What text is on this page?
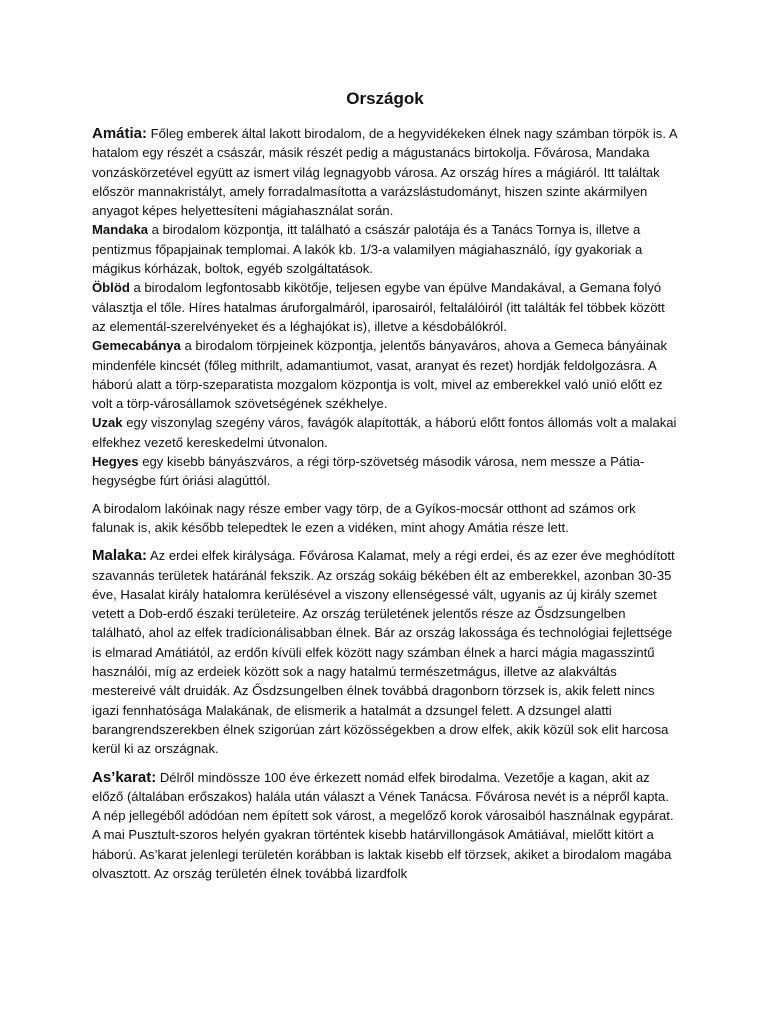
Országok

Amátia: Főleg emberek által lakott birodalom, de a hegyvidékeken élnek nagy számban törpök is. A hatalom egy részét a császár, másik részét pedig a mágustanács birtokolja. Fővárosa, Mandaka vonzáskörzetével együtt az ismert világ legnagyobb városa. Az ország híres a mágiáról. Itt találtak először mannakristályt, amely forradalmasította a varázslástudományt, hiszen szinte akármilyen anyagot képes helyettesíteni mágiahasználat során.

Mandaka a birodalom központja, itt található a császár palotája és a Tanács Tornya is, illetve a pentizmus főpapjainak templomai. A lakók kb. 1/3-a valamilyen mágiahasználó, így gyakoriak a mágikus kórházak, boltok, egyéb szolgáltatások.

Öblöd a birodalom legfontosabb kikötője, teljesen egybe van épülve Mandakával, a Gemana folyó választja el tőle. Híres hatalmas áruforgalmáról, iparosairól, feltalálóiról (itt találták fel többek között az elementál-szerelvényeket és a léghajókat is), illetve a késdobálókról.

Gemecabánya a birodalom törpjeinek központja, jelentős bányaváros, ahova a Gemeca bányáinak mindenféle kincsét (főleg mithrilt, adamantiumot, vasat, aranyat és rezet) hordják feldolgozásra. A háború alatt a törp-szeparatista mozgalom központja is volt, mivel az emberekkel való unió előtt ez volt a törp-városállamok szövetségének székhelye.

Uzak egy viszonylag szegény város, favágók alapították, a háború előtt fontos állomás volt a malakai elfekhez vezető kereskedelmi útvonalon.

Hegyes egy kisebb bányászváros, a régi törp-szövetség második városa, nem messze a Pátia-hegységbe fúrt óriási alagúttól.

A birodalom lakóinak nagy része ember vagy törp, de a Gyíkos-mocsár otthont ad számos ork falunak is, akik később telepedtek le ezen a vidéken, mint ahogy Amátia része lett.

Malaka: Az erdei elfek királysága. Fővárosa Kalamat, mely a régi erdei, és az ezer éve meghódított szavannás területek határánál fekszik. Az ország sokáig békében élt az emberekkel, azonban 30-35 éve, Hasalat király hatalomra kerülésével a viszony ellenségessé vált, ugyanis az új király szemet vetett a Dob-erdő északi területeire. Az ország területének jelentős része az Ősdzsungelben található, ahol az elfek tradícionálisabban élnek. Bár az ország lakossága és technológiai fejlettsége is elmarad Amátiától, az erdőn kívüli elfek között nagy számban élnek a harci mágia magasszintű használói, míg az erdeiek között sok a nagy hatalmú természetmágus, illetve az alakváltás mestereivé vált druidák. Az Ősdzsungelben élnek továbbá dragonborn törzsek is, akik felett nincs igazi fennhatósága Malakának, de elismerik a hatalmát a dzsungel felett. A dzsungel alatti barangrendszerekben élnek szigorúan zárt közösségekben a drow elfek, akik közül sok elit harcosa kerül ki az országnak.

As’karat: Délről mindössze 100 éve érkezett nomád elfek birodalma. Vezetője a kagan, akit az előző (általában erőszakos) halála után választ a Vének Tanácsa. Fővárosa nevét is a népről kapta. A nép jellegéből adódóan nem épített sok várost, a megelőző korok városaiból használnak egypárat. A mai Pusztult-szoros helyén gyakran történtek kisebb határvillongások Amátiával, mielőtt kitört a háború. As’karat jelenlegi területén korábban is laktak kisebb elf törzsek, akiket a birodalom magába olvasztott. Az ország területén élnek továbbá lizardfolk
